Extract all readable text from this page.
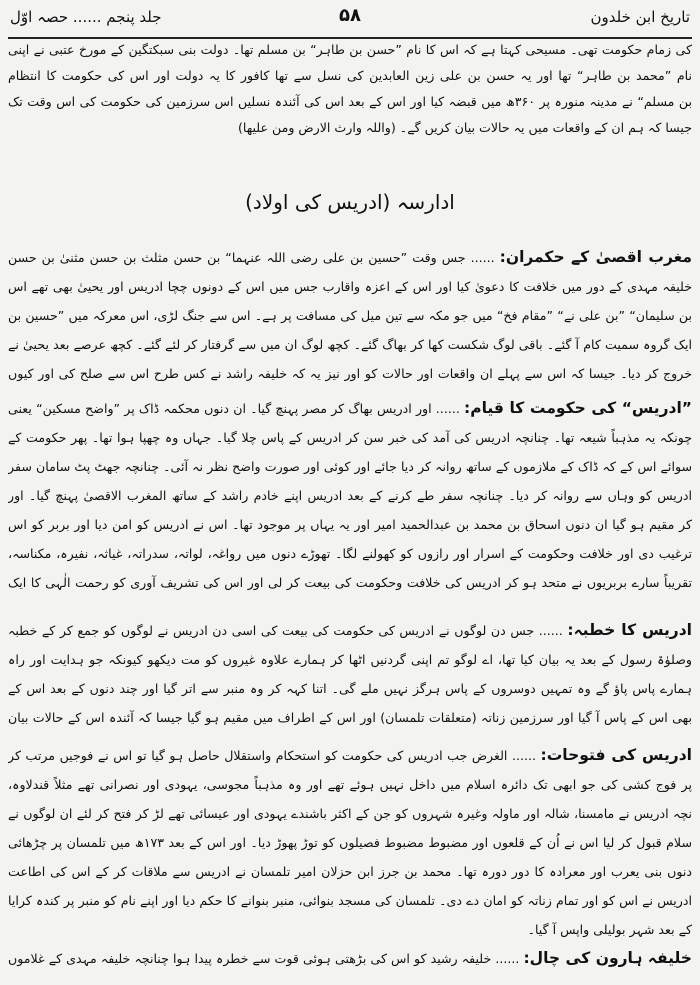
تاریخ ابن خلدون
۵۸
جلد پنجم ...... حصہ اوّل
کی زمام حکومت تھی۔ مسیحی کہتا ہے کہ اس کا نام ”حسن بن طاہر“ بن مسلم تھا۔ دولت بنی سبکتگین کے مورخ عتبی نے اپنی
نام ”محمد بن طاہر“ تھا اور یہ حسن بن علی زین العابدین کی نسل سے تھا کافور کا یہ دولت اور اس کی حکومت کا انتظام
بن مسلم“ نے مدینہ منورہ پر ۳۶۰ھ میں قبضہ کیا اور اس کے بعد اس کی آئندہ نسلیں اس سرزمین کی حکومت کی اس وقت تک
جیسا کہ ہم ان کے واقعات میں یہ حالات بیان کریں گے۔ (واللہ وارث الارض ومن علیھا)
ادارسہ (ادریس کی اولاد)
مغرب اقصیٰ کے حکمران: ...... جس وقت ”حسین بن علی رضی اللہ عنہما“ بن حسن مثلث بن حسن مثنیٰ بن حسن
خلیفہ مہدی کے دور میں خلافت کا دعویٰ کیا اور اس کے اعزہ واقارب جس میں اس کے دونوں چچا ادریس اور یحییٰ بھی تھے اس
بن سلیمان“ ”بن علی نے“ ”مقام فخ“ میں جو مکہ سے تین میل کی مسافت پر ہے۔ اس سے جنگ لڑی، اس معرکہ میں ”حسین بن
ایک گروہ سمیت کام آ گئے۔ باقی لوگ شکست کھا کر بھاگ گئے۔ کچھ لوگ ان میں سے گرفتار کر لئے گئے۔ کچھ عرصے بعد یحییٰ نے
خروج کر دیا۔ جیسا کہ اس سے پہلے ان واقعات اور حالات کو اور نیز یہ کہ خلیفہ راشد نے کس طرح اس سے صلح کی اور کیوں
”ادریس“ کی حکومت کا قیام: ...... اور ادریس بھاگ کر مصر پہنچ گیا۔ ان دنوں محکمہ ڈاک پر ”واضح مسکین“ یعنی
چونکہ یہ مذہباً شیعہ تھا۔ چنانچہ ادریس کی آمد کی خبر سن کر ادریس کے پاس چلا گیا۔ جہاں وہ چھپا ہوا تھا۔ پھر حکومت کے
سوائے اس کے کہ ڈاک کے ملازموں کے ساتھ روانہ کر دیا جائے اور کوئی اور صورت واضح نظر نہ آئی۔ چنانچہ جھٹ پٹ سامان سفر
ادریس کو وہاں سے روانہ کر دیا۔ چنانچہ سفر طے کرنے کے بعد ادریس اپنے خادم راشد کے ساتھ المغرب الاقصیٰ پہنچ گیا۔ اور
کر مقیم ہو گیا ان دنوں اسحاق بن محمد بن عبدالحمید امیر اور یہ یہاں پر موجود تھا۔ اس نے ادریس کو امن دیا اور بربر کو اس
ترغیب دی اور خلافت وحکومت کے اسرار اور رازوں کو کھولنے لگا۔ تھوڑے دنوں میں رواغہ، لواتہ، سدراتہ، غیاثہ، نفیرہ، مکناسہ،
تقریباً سارے بربریوں نے متحد ہو کر ادریس کی خلافت وحکومت کی بیعت کر لی اور اس کی تشریف آوری کو رحمت الٰہی کا ایک
ادریس کا خطبہ: ...... جس دن لوگوں نے ادریس کی حکومت کی بیعت کی اسی دن ادریس نے لوگوں کو جمع کر کے خطبہ
وصلوٰۃ رسول کے بعد یہ بیان کیا تھا، اے لوگو تم اپنی گردنیں اٹھا کر ہمارے علاوہ غیروں کو مت دیکھو کیونکہ جو ہدایت اور راہ
ہمارے پاس پاؤ گے وہ تمہیں دوسروں کے پاس ہرگز نہیں ملے گی۔ اتنا کہہ کر وہ منبر سے اتر گیا اور چند دنوں کے بعد اس کے
بھی اس کے پاس آ گیا اور سرزمین زناتہ (متعلقات تلمسان) اور اس کے اطراف میں مقیم ہو گیا جیسا کہ آئندہ اس کے حالات بیان
ادریس کی فتوحات: ...... الغرض جب ادریس کی حکومت کو استحکام واستقلال حاصل ہو گیا تو اس نے فوجیں مرتب کر
پر فوج کشی کی جو ابھی تک دائرہ اسلام میں داخل نہیں ہوئے تھے اور وہ مذہباً مجوسی، یہودی اور نصرانی تھے مثلاً قندلاوہ،
نچہ ادریس نے مامسنا، شالہ اور ماولہ وغیرہ شہروں کو جن کے اکثر باشندے یہودی اور عیسائی تھے لڑ کر فتح کر لئے ان لوگوں نے
سلام قبول کر لیا اس نے اُن کے قلعوں اور مضبوط مضبوط فصیلوں کو توڑ پھوڑ دیا۔ اور اس کے بعد ۱۷۳ھ میں تلمسان پر چڑھائی
دنوں بنی یعرب اور معرادہ کا دور دورہ تھا۔ محمد بن جرز ابن حزلان امیر تلمسان نے ادریس سے ملاقات کر کے اس کی اطاعت
ادریس نے اس کو اور تمام زناتہ کو امان دے دی۔ تلمسان کی مسجد بنوائی، منبر بنوانے کا حکم دیا اور اپنے نام کو منبر پر کندہ کرایا
کے بعد شہر بولیلی واپس آ گیا۔
خلیفہ ہارون کی چال: ...... خلیفہ رشید کو اس کی بڑھتی ہوئی قوت سے خطرہ پیدا ہوا چنانچہ خلیفہ مہدی کے غلاموں
